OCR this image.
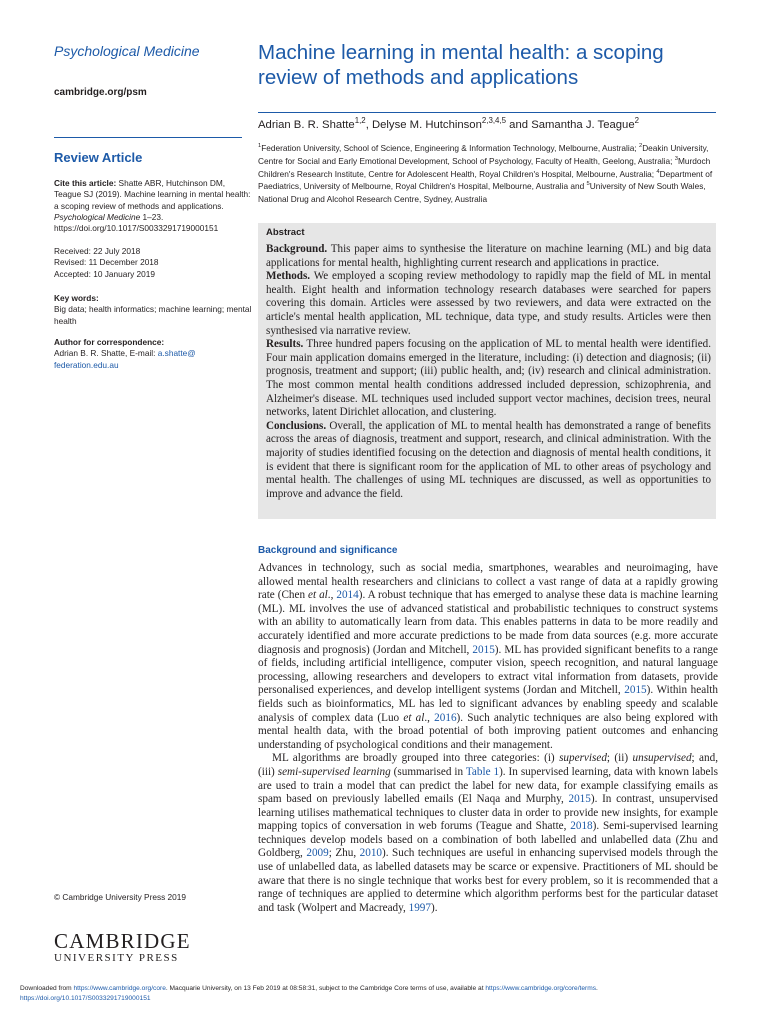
Psychological Medicine
cambridge.org/psm
Review Article
Cite this article: Shatte ABR, Hutchinson DM, Teague SJ (2019). Machine learning in mental health: a scoping review of methods and applications. Psychological Medicine 1–23. https://doi.org/10.1017/S0033291719000151
Received: 22 July 2018
Revised: 11 December 2018
Accepted: 10 January 2019
Key words:
Big data; health informatics; machine learning; mental health
Author for correspondence:
Adrian B. R. Shatte, E-mail: a.shatte@ federation.edu.au
© Cambridge University Press 2019
CAMBRIDGE
UNIVERSITY PRESS
Machine learning in mental health: a scoping review of methods and applications
Adrian B. R. Shatte$^{1,2}$, Delyse M. Hutchinson$^{2,3,4,5}$ and Samantha J. Teague$^2$
$^1$Federation University, School of Science, Engineering & Information Technology, Melbourne, Australia; $^2$Deakin University, Centre for Social and Early Emotional Development, School of Psychology, Faculty of Health, Geelong, Australia; $^3$Murdoch Children's Research Institute, Centre for Adolescent Health, Royal Children's Hospital, Melbourne, Australia; $^4$Department of Paediatrics, University of Melbourne, Royal Children's Hospital, Melbourne, Australia and $^5$University of New South Wales, National Drug and Alcohol Research Centre, Sydney, Australia
Abstract

Background. This paper aims to synthesise the literature on machine learning (ML) and big data applications for mental health, highlighting current research and applications in practice.

Methods. We employed a scoping review methodology to rapidly map the field of ML in mental health. Eight health and information technology research databases were searched for papers covering this domain. Articles were assessed by two reviewers, and data were extracted on the article's mental health application, ML technique, data type, and study results. Articles were then synthesised via narrative review.

Results. Three hundred papers focusing on the application of ML to mental health were identified. Four main application domains emerged in the literature, including: (i) detection and diagnosis; (ii) prognosis, treatment and support; (iii) public health, and; (iv) research and clinical administration. The most common mental health conditions addressed included depression, schizophrenia, and Alzheimer's disease. ML techniques used included support vector machines, decision trees, neural networks, latent Dirichlet allocation, and clustering.

Conclusions. Overall, the application of ML to mental health has demonstrated a range of benefits across the areas of diagnosis, treatment and support, research, and clinical administration. With the majority of studies identified focusing on the detection and diagnosis of mental health conditions, it is evident that there is significant room for the application of ML to other areas of psychology and mental health. The challenges of using ML techniques are discussed, as well as opportunities to improve and advance the field.

Background and significance

Advances in technology, such as social media, smartphones, wearables and neuroimaging, have allowed mental health researchers and clinicians to collect a vast range of data at a rapidly growing rate (Chen et al., 2014). A robust technique that has emerged to analyse these data is machine learning (ML). ML involves the use of advanced statistical and probabilistic techniques to construct systems with an ability to automatically learn from data. This enables patterns in data to be more readily and accurately identified and more accurate predictions to be made from data sources (e.g. more accurate diagnosis and prognosis) (Jordan and Mitchell, 2015). ML has provided significant benefits to a range of fields, including artificial intelligence, computer vision, speech recognition, and natural language processing, allowing researchers and developers to extract vital information from datasets, provide personalised experiences, and develop intelligent systems (Jordan and Mitchell, 2015). Within health fields such as bioinformatics, ML has led to significant advances by enabling speedy and scalable analysis of complex data (Luo et al., 2016). Such analytic techniques are also being explored with mental health data, with the broad potential of both improving patient outcomes and enhancing understanding of psychological conditions and their management.

ML algorithms are broadly grouped into three categories: (i) supervised; (ii) unsupervised; and, (iii) semi-supervised learning (summarised in Table 1). In supervised learning, data with known labels are used to train a model that can predict the label for new data, for example classifying emails as spam based on previously labelled emails (El Naqa and Murphy, 2015). In contrast, unsupervised learning utilises mathematical techniques to cluster data in order to provide new insights, for example mapping topics of conversation in web forums (Teague and Shatte, 2018). Semi-supervised learning techniques develop models based on a combination of both labelled and unlabelled data (Zhu and Goldberg, 2009; Zhu, 2010). Such techniques are useful in enhancing supervised models through the use of unlabelled data, as labelled datasets may be scarce or expensive. Practitioners of ML should be aware that there is no single technique that works best for every problem, so it is recommended that a range of techniques are applied to determine which algorithm performs best for the particular dataset and task (Wolpert and Macready, 1997).

Downloaded from https://www.cambridge.org/core. Macquarie University, on 13 Feb 2019 at 08:58:31, subject to the Cambridge Core terms of use, available at https://www.cambridge.org/core/terms.
https://doi.org/10.1017/S0033291719000151
